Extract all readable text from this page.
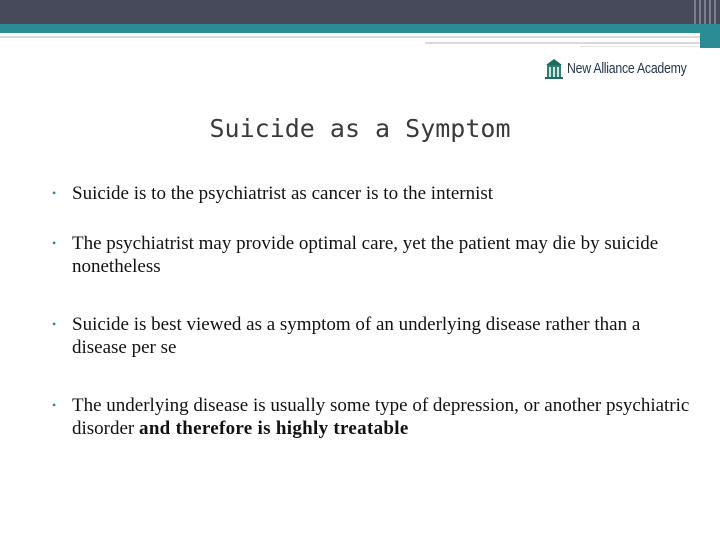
New Alliance Academy
Suicide as a Symptom
• Suicide is to the psychiatrist as cancer is to the internist
• The psychiatrist may provide optimal care, yet the patient may die by suicide nonetheless
• Suicide is best viewed as a symptom of an underlying disease rather than a disease per se
• The underlying disease is usually some type of depression, or another psychiatric disorder and therefore is highly treatable
